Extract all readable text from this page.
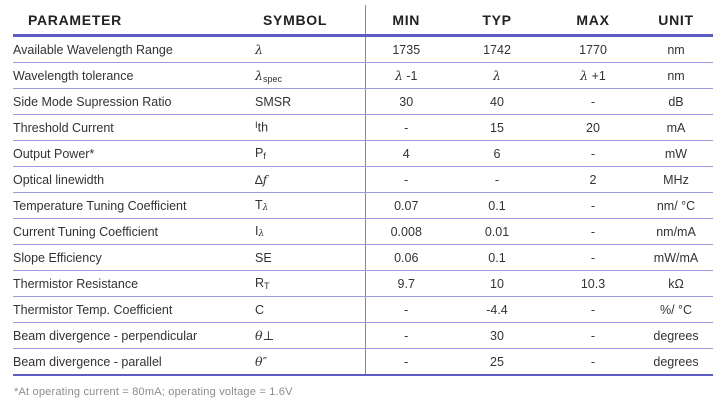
PARAMETER	SYMBOL	MIN	TYP	MAX	UNIT
Available Wavelength Range	λ	1735	1742	1770	nm
Wavelength tolerance	λspec	λ -1	λ	λ +1	nm
Side Mode Supression Ratio	SMSR	30	40	-	dB
Threshold Current	$^I$th	-	15	20	mA
Output Power*	Pf	4	6	-	mW
Optical linewidth	∆f	-	-	2	MHz
Temperature Tuning Coefficient	Tλ	0.07	0.1	-	nm/ °C
Current Tuning Coefficient	Iλ	0.008	0.01	-	nm/mA
Slope Efficiency	SE	0.06	0.1	-	mW/mA
Thermistor Resistance	RT	9.7	10	10.3	kΩ
Thermistor Temp. Coefficient	C	-	-4.4	-	%/ °C
Beam divergence - perpendicular	θ⊥	-	30	-	degrees
Beam divergence - parallel	θ″	-	25	-	degrees
*At operating current = 80mA; operating voltage = 1.6V
